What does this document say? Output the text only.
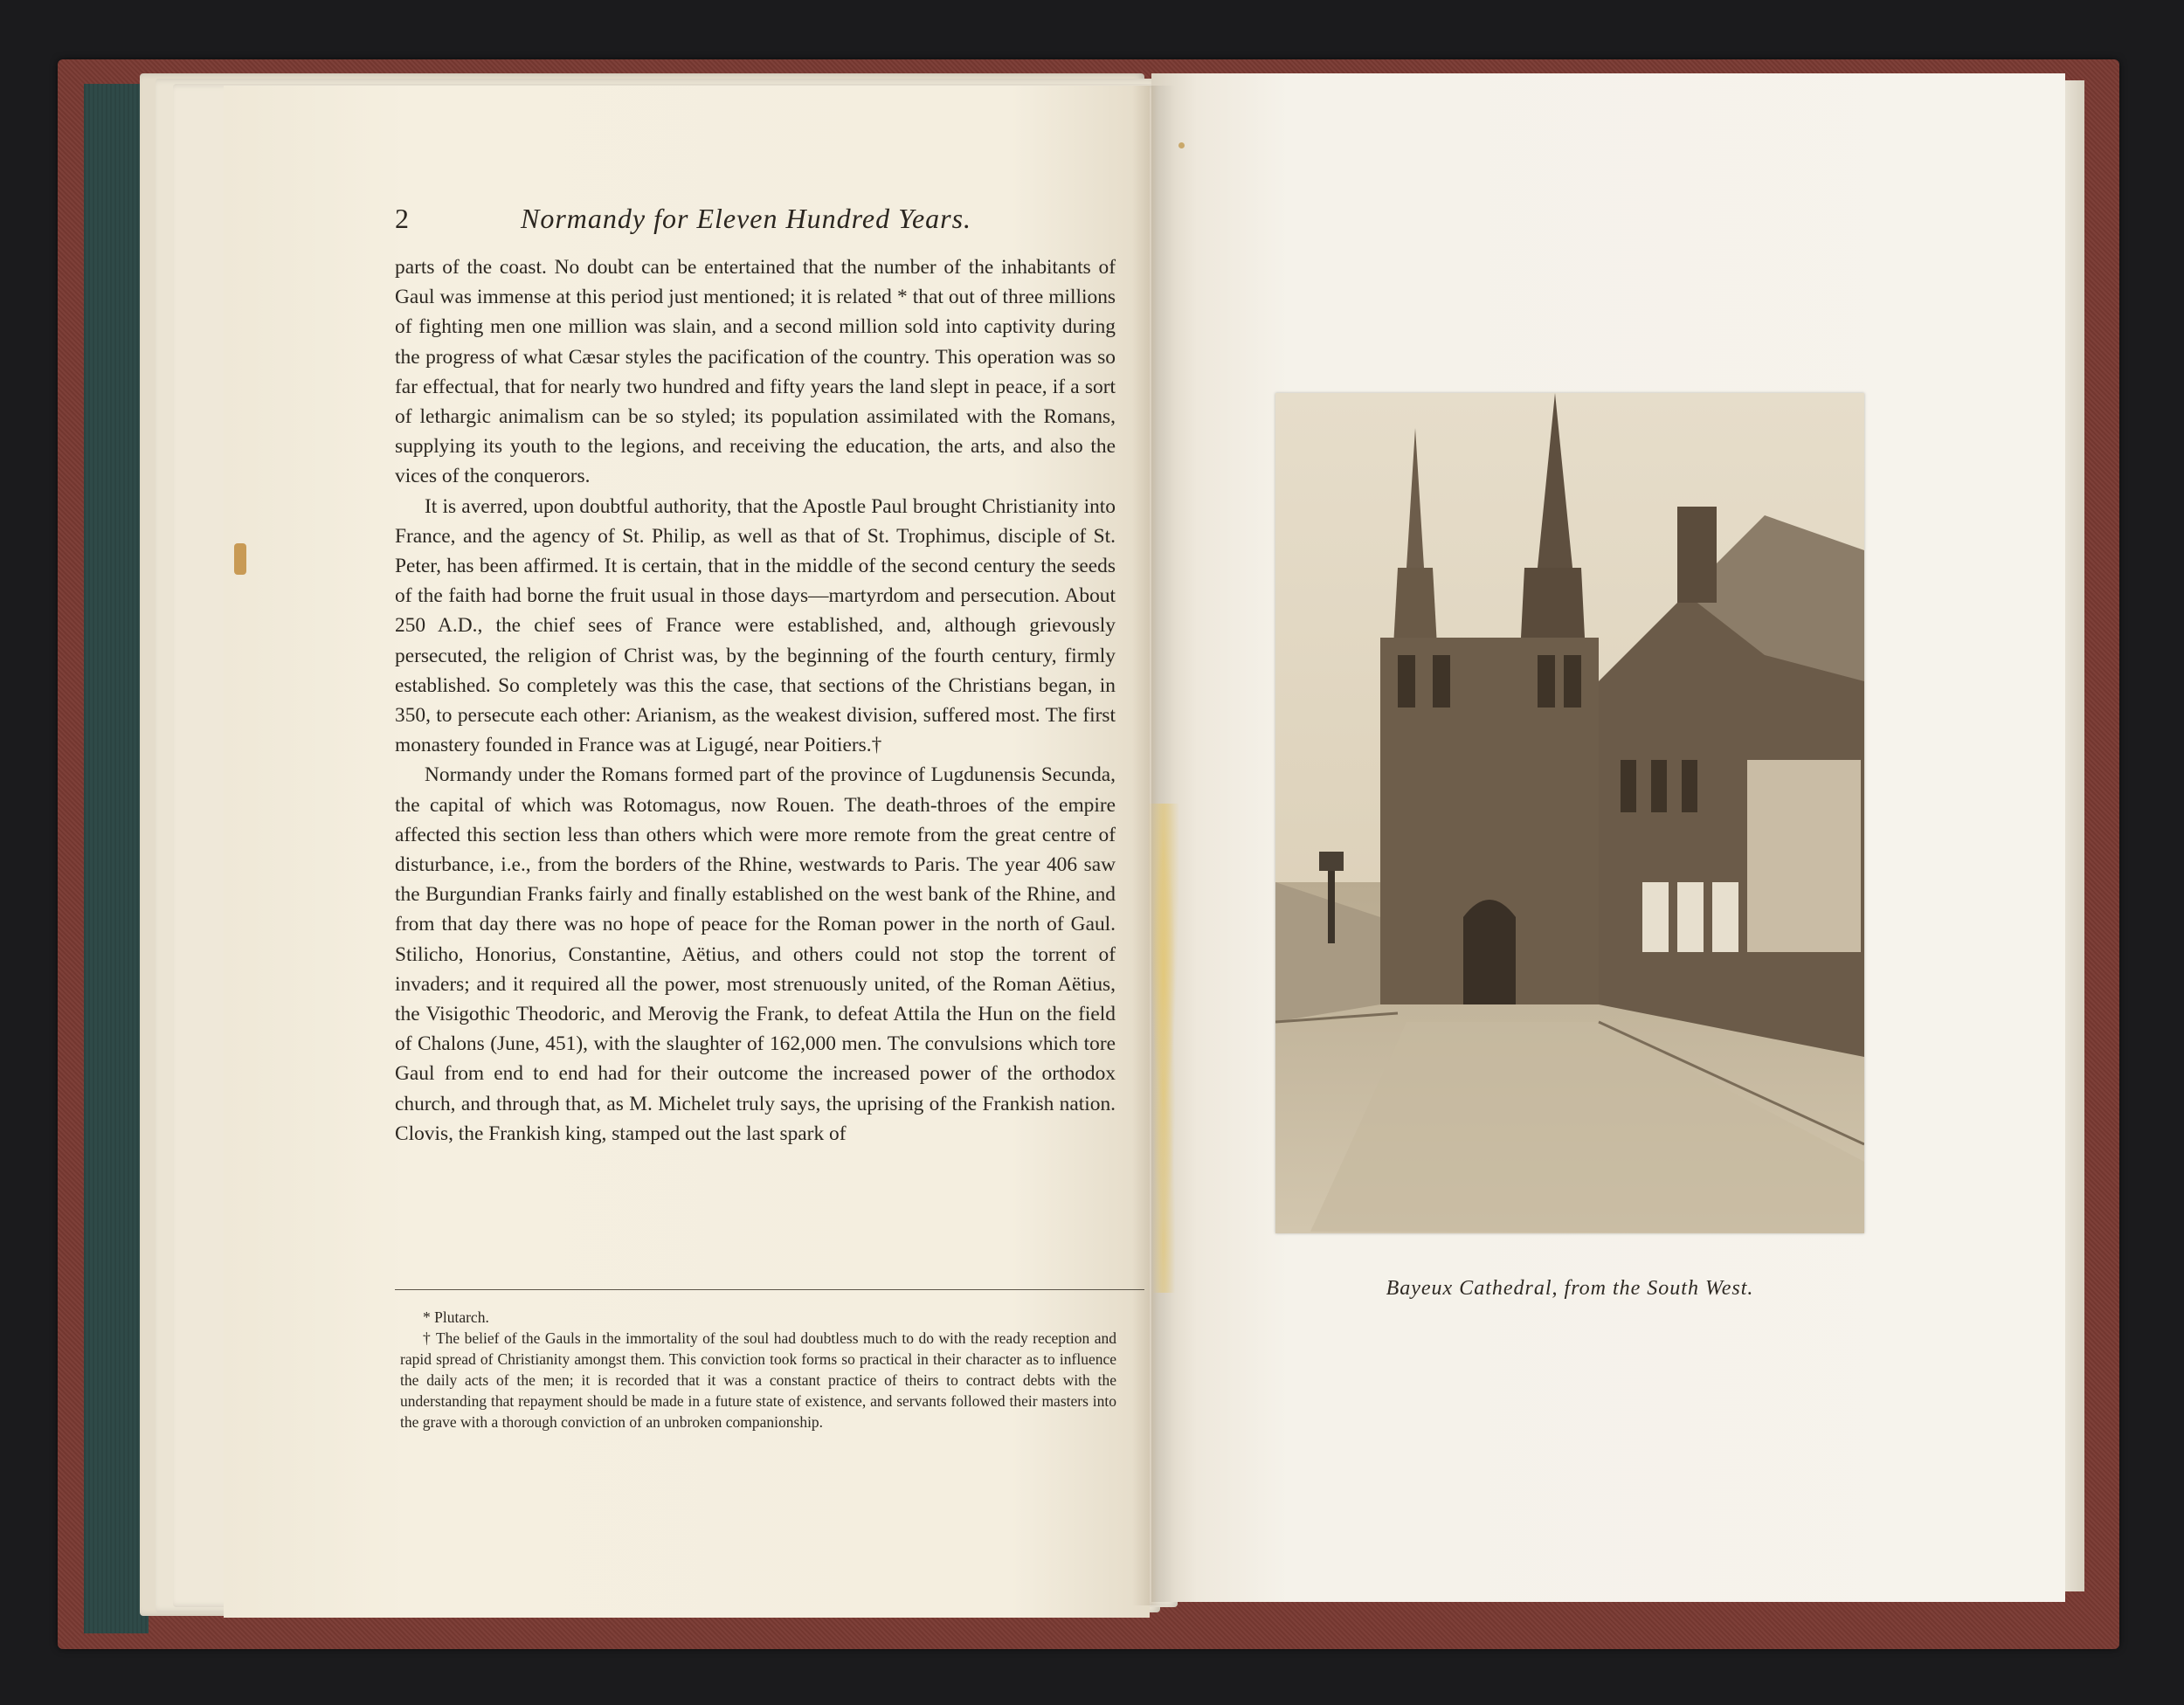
2	Normandy for Eleven Hundred Years.

parts of the coast. No doubt can be entertained that the number of the inhabitants of Gaul was immense at this period just mentioned; it is related * that out of three millions of fighting men one million was slain, and a second million sold into captivity during the progress of what Cæsar styles the pacification of the country. This operation was so far effectual, that for nearly two hundred and fifty years the land slept in peace, if a sort of lethargic animalism can be so styled; its population assimilated with the Romans, supplying its youth to the legions, and receiving the education, the arts, and also the vices of the conquerors.

It is averred, upon doubtful authority, that the Apostle Paul brought Christianity into France, and the agency of St. Philip, as well as that of St. Trophimus, disciple of St. Peter, has been affirmed. It is certain, that in the middle of the second century the seeds of the faith had borne the fruit usual in those days—martyrdom and persecution. About 250 A.D., the chief sees of France were established, and, although grievously persecuted, the religion of Christ was, by the beginning of the fourth century, firmly established. So completely was this the case, that sections of the Christians began, in 350, to persecute each other: Arianism, as the weakest division, suffered most. The first monastery founded in France was at Ligugé, near Poitiers.†

Normandy under the Romans formed part of the province of Lugdunensis Secunda, the capital of which was Rotomagus, now Rouen. The death-throes of the empire affected this section less than others which were more remote from the great centre of disturbance, i.e., from the borders of the Rhine, westwards to Paris. The year 406 saw the Burgundian Franks fairly and finally established on the west bank of the Rhine, and from that day there was no hope of peace for the Roman power in the north of Gaul. Stilicho, Honorius, Constantine, Aëtius, and others could not stop the torrent of invaders; and it required all the power, most strenuously united, of the Roman Aëtius, the Visigothic Theodoric, and Merovig the Frank, to defeat Attila the Hun on the field of Chalons (June, 451), with the slaughter of 162,000 men. The convulsions which tore Gaul from end to end had for their outcome the increased power of the orthodox church, and through that, as M. Michelet truly says, the uprising of the Frankish nation. Clovis, the Frankish king, stamped out the last spark of

* Plutarch.

† The belief of the Gauls in the immortality of the soul had doubtless much to do with the ready reception and rapid spread of Christianity amongst them. This conviction took forms so practical in their character as to influence the daily acts of the men; it is recorded that it was a constant practice of theirs to contract debts with the understanding that repayment should be made in a future state of existence, and servants followed their masters into the grave with a thorough conviction of an unbroken companionship.

Bayeux Cathedral, from the South West.
